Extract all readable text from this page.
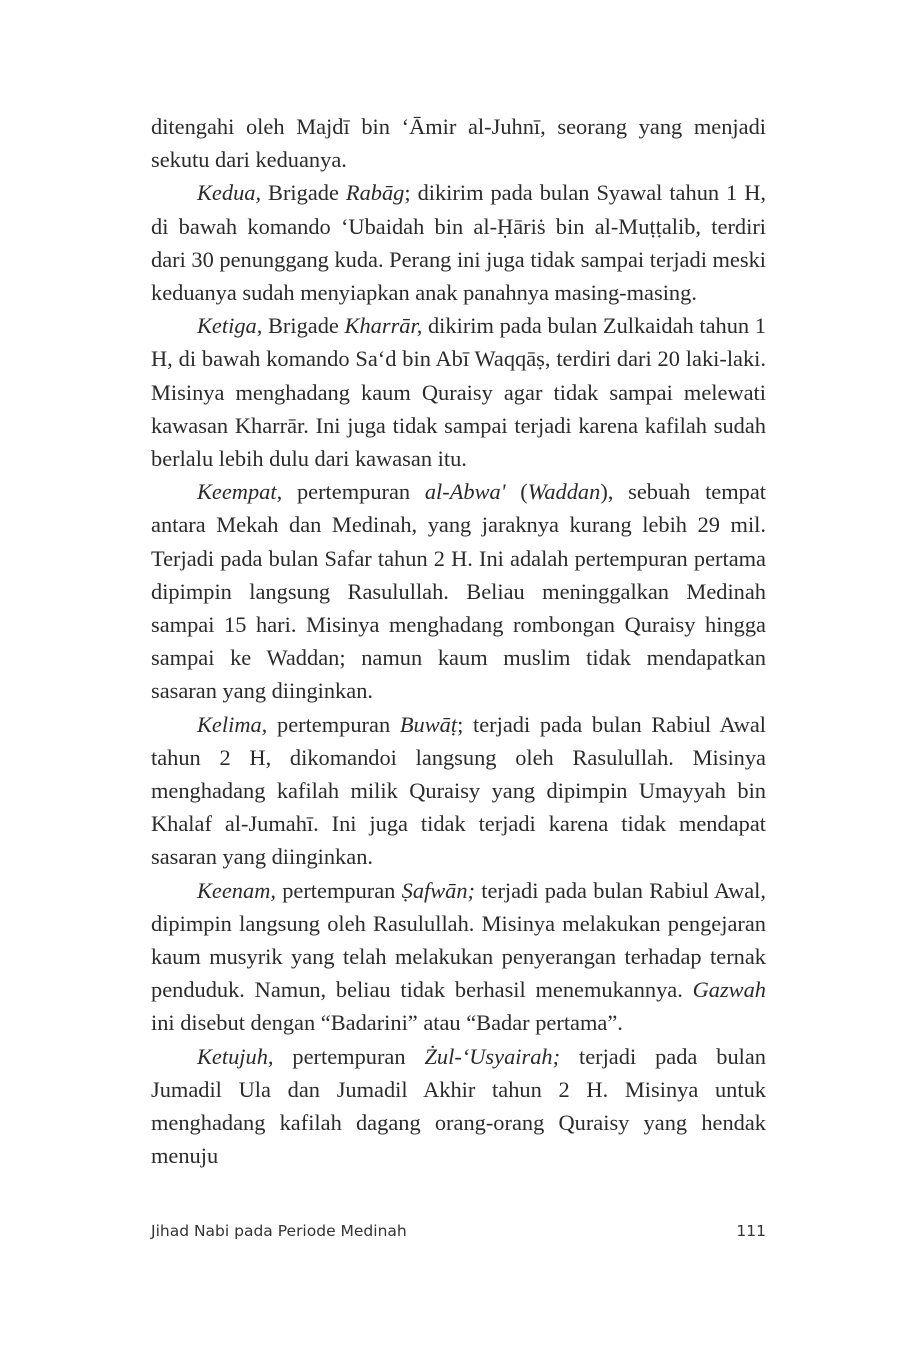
ditengahi oleh Majdī bin ‘Āmir al-Juhnī, seorang yang menjadi sekutu dari keduanya.

Kedua, Brigade Rabāg; dikirim pada bulan Syawal tahun 1 H, di bawah komando ‘Ubaidah bin al-Ḥāriṡ bin al-Muṭṭalib, terdiri dari 30 penunggang kuda. Perang ini juga tidak sampai terjadi meski keduanya sudah menyiapkan anak panahnya masing-masing.

Ketiga, Brigade Kharrār, dikirim pada bulan Zulkaidah tahun 1 H, di bawah komando Sa‘d bin Abī Waqqāṣ, terdiri dari 20 laki-laki. Misinya menghadang kaum Quraisy agar tidak sampai melewati kawasan Kharrār. Ini juga tidak sampai terjadi karena kafilah sudah berlalu lebih dulu dari kawasan itu.

Keempat, pertempuran al-Abwa' (Waddan), sebuah tempat antara Mekah dan Medinah, yang jaraknya kurang lebih 29 mil. Terjadi pada bulan Safar tahun 2 H. Ini adalah pertempuran pertama dipimpin langsung Rasulullah. Beliau meninggalkan Medinah sampai 15 hari. Misinya menghadang rombongan Quraisy hingga sampai ke Waddan; namun kaum muslim tidak mendapatkan sasaran yang diinginkan.

Kelima, pertempuran Buwāṭ; terjadi pada bulan Rabiul Awal tahun 2 H, dikomandoi langsung oleh Rasulullah. Misinya menghadang kafilah milik Quraisy yang dipimpin Umayyah bin Khalaf al-Jumahī. Ini juga tidak terjadi karena tidak mendapat sasaran yang diinginkan.

Keenam, pertempuran Ṣafwān; terjadi pada bulan Rabiul Awal, dipimpin langsung oleh Rasulullah. Misinya melakukan pengejaran kaum musyrik yang telah melakukan penyerangan terhadap ternak penduduk. Namun, beliau tidak berhasil menemukannya. Gazwah ini disebut dengan “Badarini” atau “Badar pertama”.

Ketujuh, pertempuran Żul-‘Usyairah; terjadi pada bulan Jumadil Ula dan Jumadil Akhir tahun 2 H. Misinya untuk menghadang kafilah dagang orang-orang Quraisy yang hendak menuju

Jihad Nabi pada Periode Medinah	111
